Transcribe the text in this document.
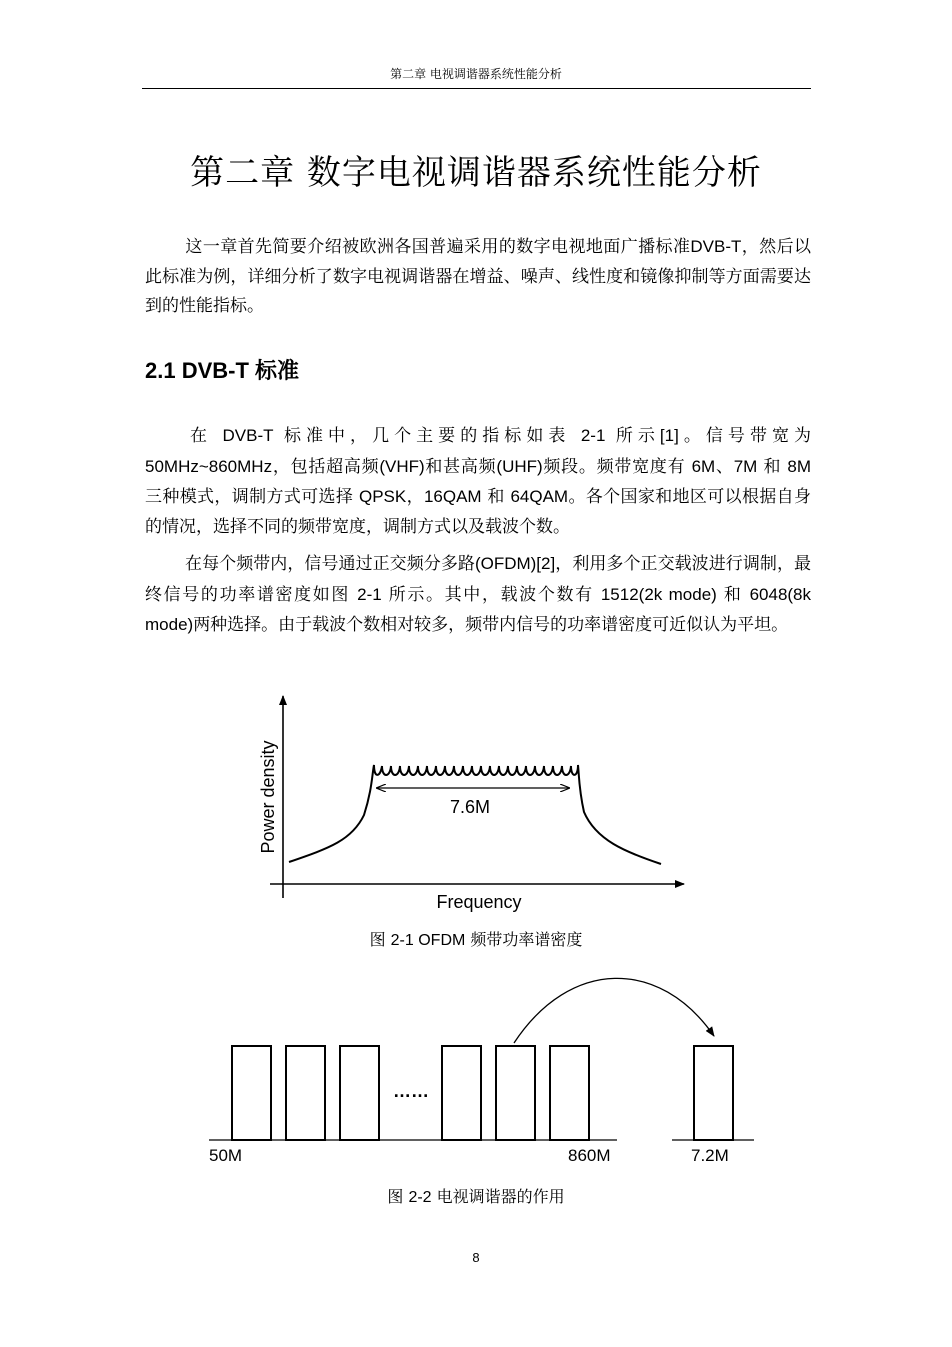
第二章 电视调谐器系统性能分析
第二章 数字电视调谐器系统性能分析

这一章首先简要介绍被欧洲各国普遍采用的数字电视地面广播标准DVB-T，然后以此标准为例，详细分析了数字电视调谐器在增益、噪声、线性度和镜像抑制等方面需要达到的性能指标。

2.1 DVB-T 标准

在 DVB-T 标准中，几个主要的指标如表 2-1 所示[1]。信号带宽为 50MHz~860MHz，包括超高频(VHF)和甚高频(UHF)频段。频带宽度有 6M、7M 和 8M 三种模式，调制方式可选择 QPSK，16QAM 和 64QAM。各个国家和地区可以根据自身的情况，选择不同的频带宽度，调制方式以及载波个数。

在每个频带内，信号通过正交频分多路(OFDM)[2]，利用多个正交载波进行调制，最终信号的功率谱密度如图 2-1 所示。其中，载波个数有 1512(2k mode) 和 6048(8k mode)两种选择。由于载波个数相对较多，频带内信号的功率谱密度可近似认为平坦。

7.6M
Power density
Frequency
……
50M	860M	7.2M
图 2-1 OFDM 频带功率谱密度
图 2-2 电视调谐器的作用
8
